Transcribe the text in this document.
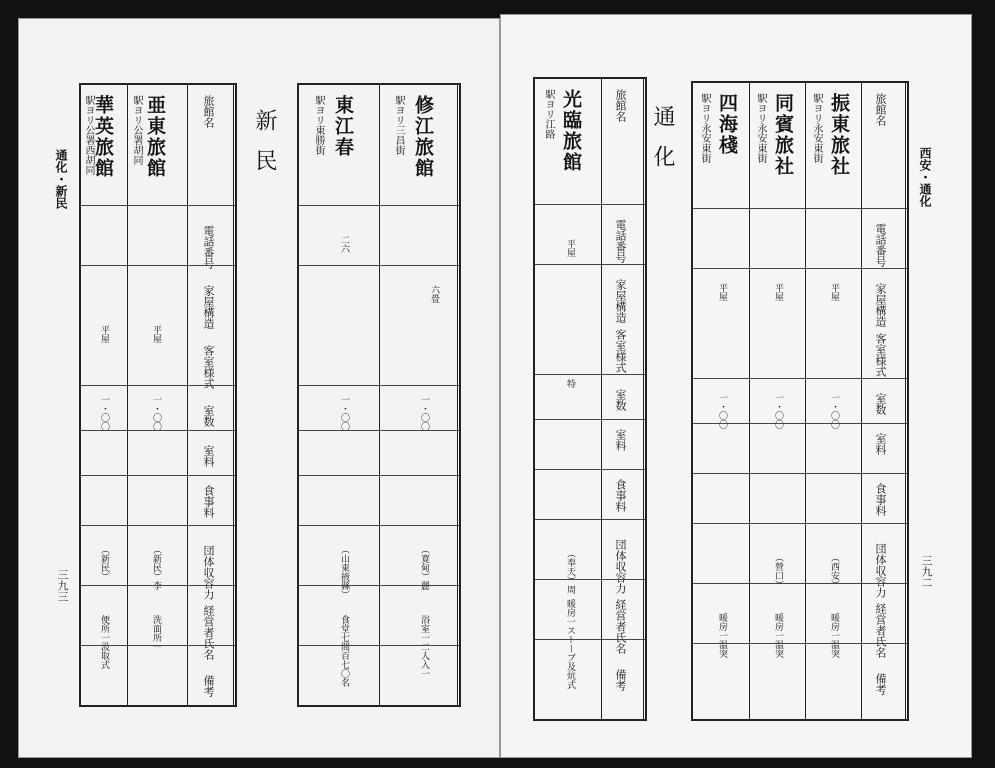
通化・新民
三九三
華英旅館
駅ヨリ公署西胡同
平屋
一・〇〇
（新民）
便所一汲取式
亜東旅館
駅ヨリ公署胡同
平屋
一・〇〇
（新民）李
洗面所一
旅館名
電話番号
家屋構造
客室様式
室数
室料
食事料
団体収容力
経営者氏名
備考
新民	東江春
駅ヨリ東勝街
二六
一・〇〇
（山東掖縣）
食堂七間百七〇名
修江旅館
駅ヨリ三昌街
六畳
一・〇〇
（寛甸）麗
浴室一二人入一
光臨旅館
駅ヨリ江路
平屋
特
（奉天）周
暖房一ストーブ及炕式
旅館名
電話番号
家屋構造
客室様式
室数
室料
食事料
団体収容力
経営者氏名
備考
通化 四海棧
駅ヨリ永安東街
平屋
一・〇〇
暖房一温突
同賓旅社
駅ヨリ永安東街
平屋
一・〇〇
（營口）
暖房一温突
振東旅社
駅ヨリ永安東街
平屋
一・〇〇
（西安）
暖房一温突
旅館名
電話番号
家屋構造
客室様式
室数
室料
食事料
団体収容力
経営者氏名
備考
西安・通化
三九二
